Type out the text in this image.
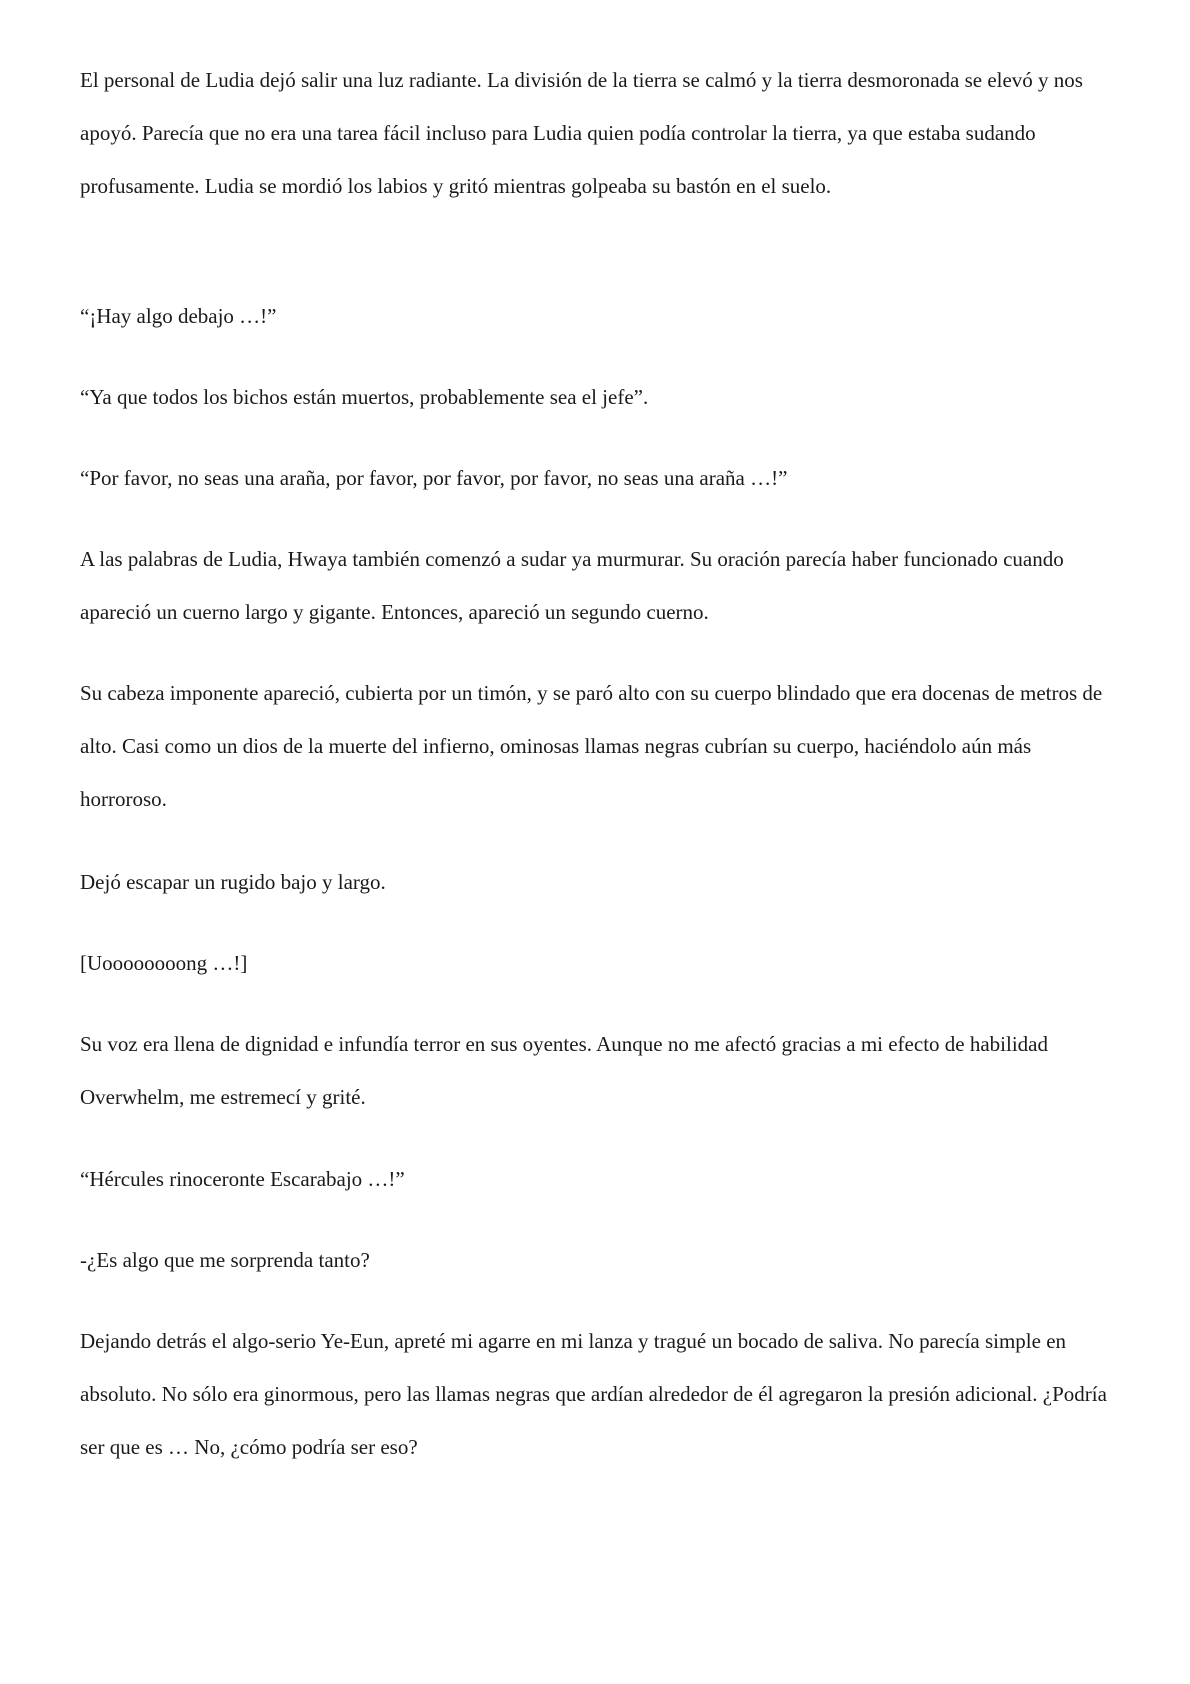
El personal de Ludia dejó salir una luz radiante. La división de la tierra se calmó y la tierra desmoronada se elevó y nos apoyó. Parecía que no era una tarea fácil incluso para Ludia quien podía controlar la tierra, ya que estaba sudando profusamente. Ludia se mordió los labios y gritó mientras golpeaba su bastón en el suelo.

“¡Hay algo debajo …!”

“Ya que todos los bichos están muertos, probablemente sea el jefe”.

“Por favor, no seas una araña, por favor, por favor, por favor, no seas una araña …!”

A las palabras de Ludia, Hwaya también comenzó a sudar ya murmurar. Su oración parecía haber funcionado cuando apareció un cuerno largo y gigante. Entonces, apareció un segundo cuerno.

Su cabeza imponente apareció, cubierta por un timón, y se paró alto con su cuerpo blindado que era docenas de metros de alto. Casi como un dios de la muerte del infierno, ominosas llamas negras cubrían su cuerpo, haciéndolo aún más horroroso.

Dejó escapar un rugido bajo y largo.

[Uoooooooong …!]

Su voz era llena de dignidad e infundía terror en sus oyentes. Aunque no me afectó gracias a mi efecto de habilidad Overwhelm, me estremecí y grité.

“Hércules rinoceronte Escarabajo …!”

-¿Es algo que me sorprenda tanto?

Dejando detrás el algo-serio Ye-Eun, apreté mi agarre en mi lanza y tragué un bocado de saliva. No parecía simple en absoluto. No sólo era ginormous, pero las llamas negras que ardían alrededor de él agregaron la presión adicional. ¿Podría ser que es … No, ¿cómo podría ser eso?
